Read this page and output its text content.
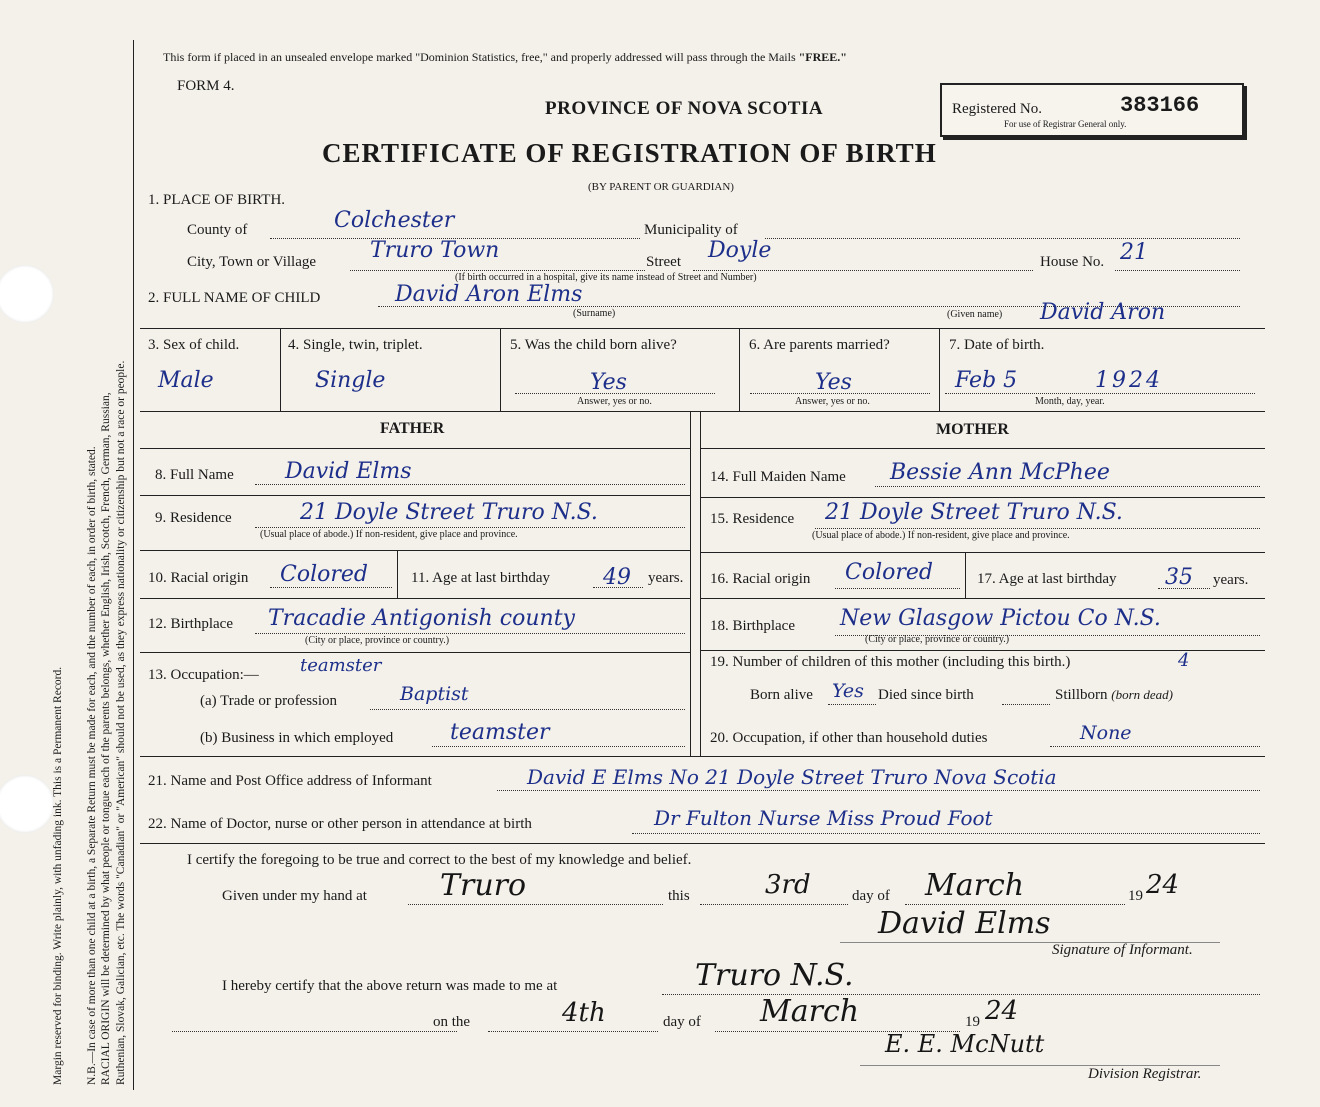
Margin reserved for binding. Write plainly, with unfading ink. This is a Permanent Record. N.B.—In case of more than one child at a birth, a Separate Return must be made for each, and the number of each, in order of birth, stated. RACIAL ORIGIN will be determined by what people or tongue each of the parents belongs, whether English, Irish, Scotch, French, German, Russian, Ruthenian, Slovak, Galician, etc. The words "Canadian" or "American" should not be used, as they express nationality or citizenship but not a race or people.
This form if placed in an unsealed envelope marked "Dominion Statistics, free," and properly addressed will pass through the Mails "FREE."
FORM 4.
PROVINCE OF NOVA SCOTIA
CERTIFICATE OF REGISTRATION OF BIRTH
(BY PARENT OR GUARDIAN)
Registered No.	383166
For use of Registrar General only.
1. PLACE OF BIRTH.
County of	Colchester	Municipality of
City, Town or Village Truro Town	Street Doyle	House No. 21
(If birth occurred in a hospital, give its name instead of Street and Number)
2. FULL NAME OF CHILD	David Aron Elms
(Surname)	(Given name) David Aron
3. Sex of child.
Male
4. Single, twin, triplet.
Single
5. Was the child born alive?
Yes
Answer, yes or no.
6. Are parents married?
Yes
Answer, yes or no.
7. Date of birth.
Feb 5	1924
Month, day, year.
FATHER	MOTHER
8. Full Name David Elms
9. Residence	21 Doyle Street Truro N.S.
(Usual place of abode.) If non-resident, give place and province.
10. Racial origin Colored	11. Age at last birthday 49 years.
12. Birthplace Tracadie Antigonish county
(City or place, province or country.)
13. Occupation:— teamster
(a) Trade or profession	Baptist
(b) Business in which employed	teamster
14. Full Maiden Name Bessie Ann McPhee
15. Residence 21 Doyle Street Truro N.S.
(Usual place of abode.) If non-resident, give place and province.
16. Racial origin Colored	17. Age at last birthday 35 years.
18. Birthplace New Glasgow Pictou Co N.S.
(City or place, province or country.)
19. Number of children of this mother (including this birth.)	4
Born alive Yes Died since birth	Stillborn (born dead)
20. Occupation, if other than household duties	None
21. Name and Post Office address of Informant	David E Elms No 21 Doyle Street Truro Nova Scotia
22. Name of Doctor, nurse or other person in attendance at birth	Dr Fulton Nurse Miss Proud Foot
I certify the foregoing to be true and correct to the best of my knowledge and belief.
Given under my hand at Truro	this	3rd	day of March	19 24
David Elms
Signature of Informant.
I hereby certify that the above return was made to me at	Truro N.S.
on the	4th	day of March	19 24
E. E. McNutt
Division Registrar.
